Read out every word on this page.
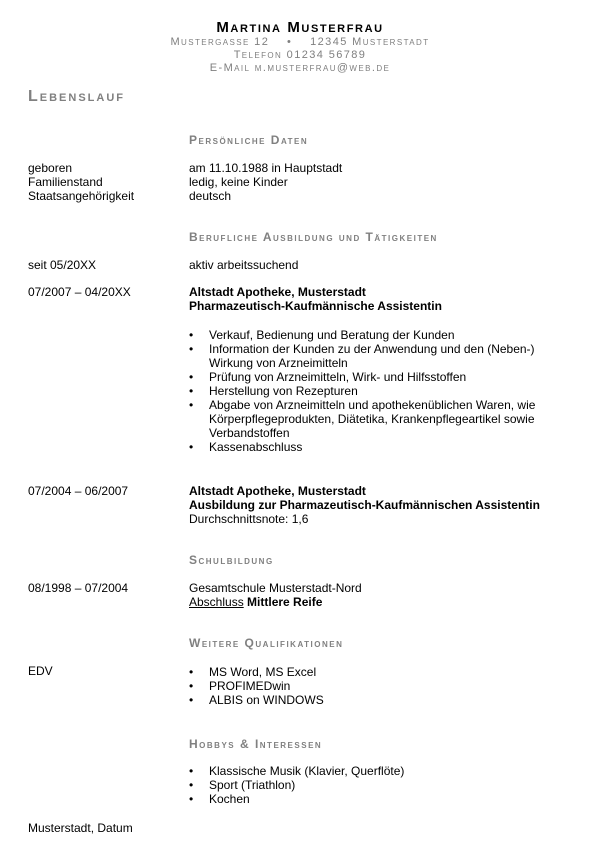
Martina Musterfrau
Mustergasse 12 • 12345 Musterstadt
Telefon 01234 56789
E-Mail m.musterfrau@web.de
Lebenslauf
Persönliche Daten
geboren	am 11.10.1988 in Hauptstadt
Familienstand	ledig, keine Kinder
Staatsangehörigkeit	deutsch
Berufliche Ausbildung und Tätigkeiten
seit 05/20XX	aktiv arbeitssuchend
07/2007 – 04/20XX	Altstadt Apotheke, Musterstadt
Pharmazeutisch-Kaufmännische Assistentin
• Verkauf, Bedienung und Beratung der Kunden
• Information der Kunden zu der Anwendung und den (Neben-) Wirkung von Arzneimitteln
• Prüfung von Arzneimitteln, Wirk- und Hilfsstoffen
• Herstellung von Rezepturen
• Abgabe von Arzneimitteln und apothekenüblichen Waren, wie Körperpflegeprodukten, Diätetika, Krankenpflegeartikel sowie Verbandstoffen
• Kassenabschluss
07/2004 – 06/2007	Altstadt Apotheke, Musterstadt
Ausbildung zur Pharmazeutisch-Kaufmännischen Assistentin
Durchschnittsnote: 1,6
Schulbildung
08/1998 – 07/2004	Gesamtschule Musterstadt-Nord
Abschluss Mittlere Reife
Weitere Qualifikationen
EDV
•	MS Word, MS Excel
• PROFIMEDwin
• ALBIS on WINDOWS
Hobbys & Interessen
• Klassische Musik (Klavier, Querflöte)
• Sport (Triathlon)
• Kochen
Musterstadt, Datum
